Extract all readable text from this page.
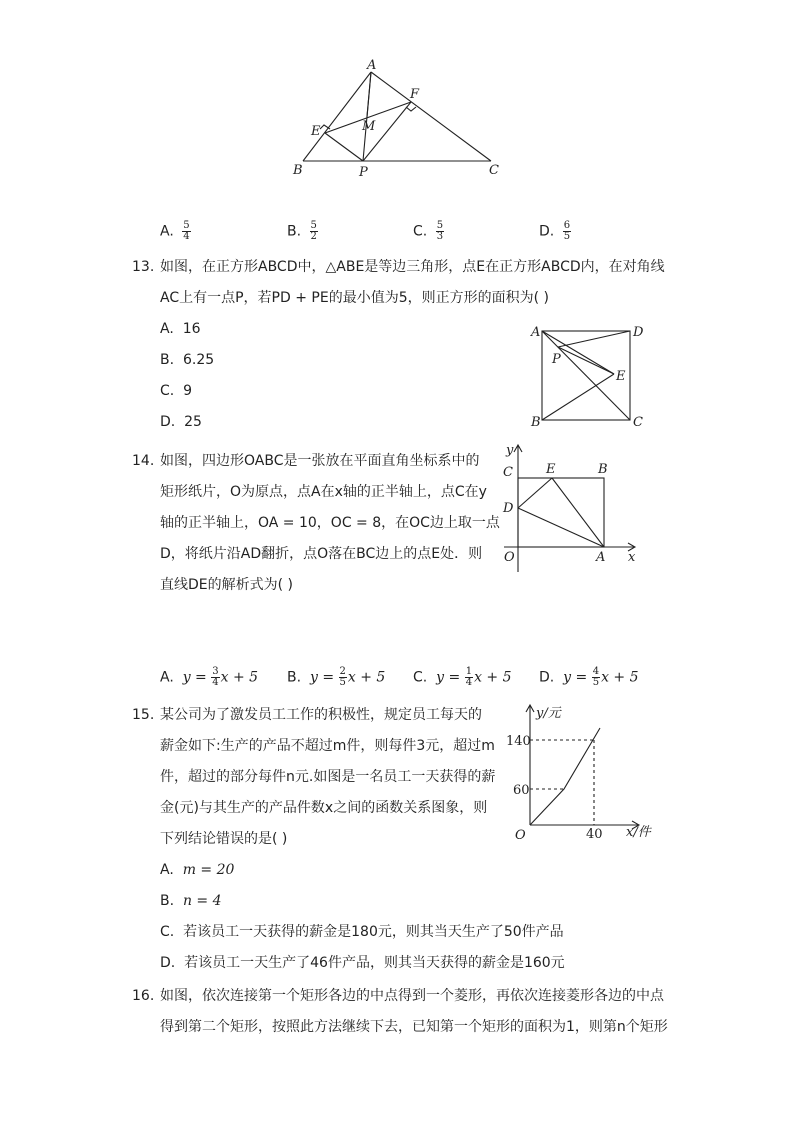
A
B	C
E
F
M
P
A. $\frac{5}{4}$	B. $\frac{5}{2}$	C. $\frac{5}{3}$	D. $\frac{6}{5}$
13. 如图，在正方形ABCD中，△ABE是等边三角形，点E在正方形ABCD内，在对角线
AC上有一点P，若PD + PE的最小值为5，则正方形的面积为( )
A. 16
B. 6.25
C. 9
D. 25
A	D
P
E
B	C
14. 如图，四边形OABC是一张放在平面直角坐标系中的
矩形纸片，O为原点，点A在x轴的正半轴上，点C在y
轴的正半轴上，OA = 10，OC = 8，在OC边上取一点
D，将纸片沿AD翻折，点O落在BC边上的点E处．则
直线DE的解析式为( )
y
C	E	B
D
O	A x
A. $y = \frac{3}{4}$ x + 5 B. $y = \frac{2}{5}$ x + 5 C. $y = \frac{1}{4}$ x + 5 D. $y = \frac{4}{5}$ x + 5
15. 某公司为了激发员工工作的积极性，规定员工每天的
薪金如下:生产的产品不超过m件，则每件3元，超过m
件，超过的部分每件n元.如图是一名员工一天获得的薪
金(元)与其生产的产品件数x之间的函数关系图象，则
下列结论错误的是( )
A. m = 20
B. n = 4
C. 若该员工一天获得的薪金是180元，则其当天生产了50件产品
D. 若该员工一天生产了46件产品，则其当天获得的薪金是160元
y/元
140
60
O	40 x/件
16. 如图，依次连接第一个矩形各边的中点得到一个菱形，再依次连接菱形各边的中点
得到第二个矩形，按照此方法继续下去，已知第一个矩形的面积为1，则第n个矩形
